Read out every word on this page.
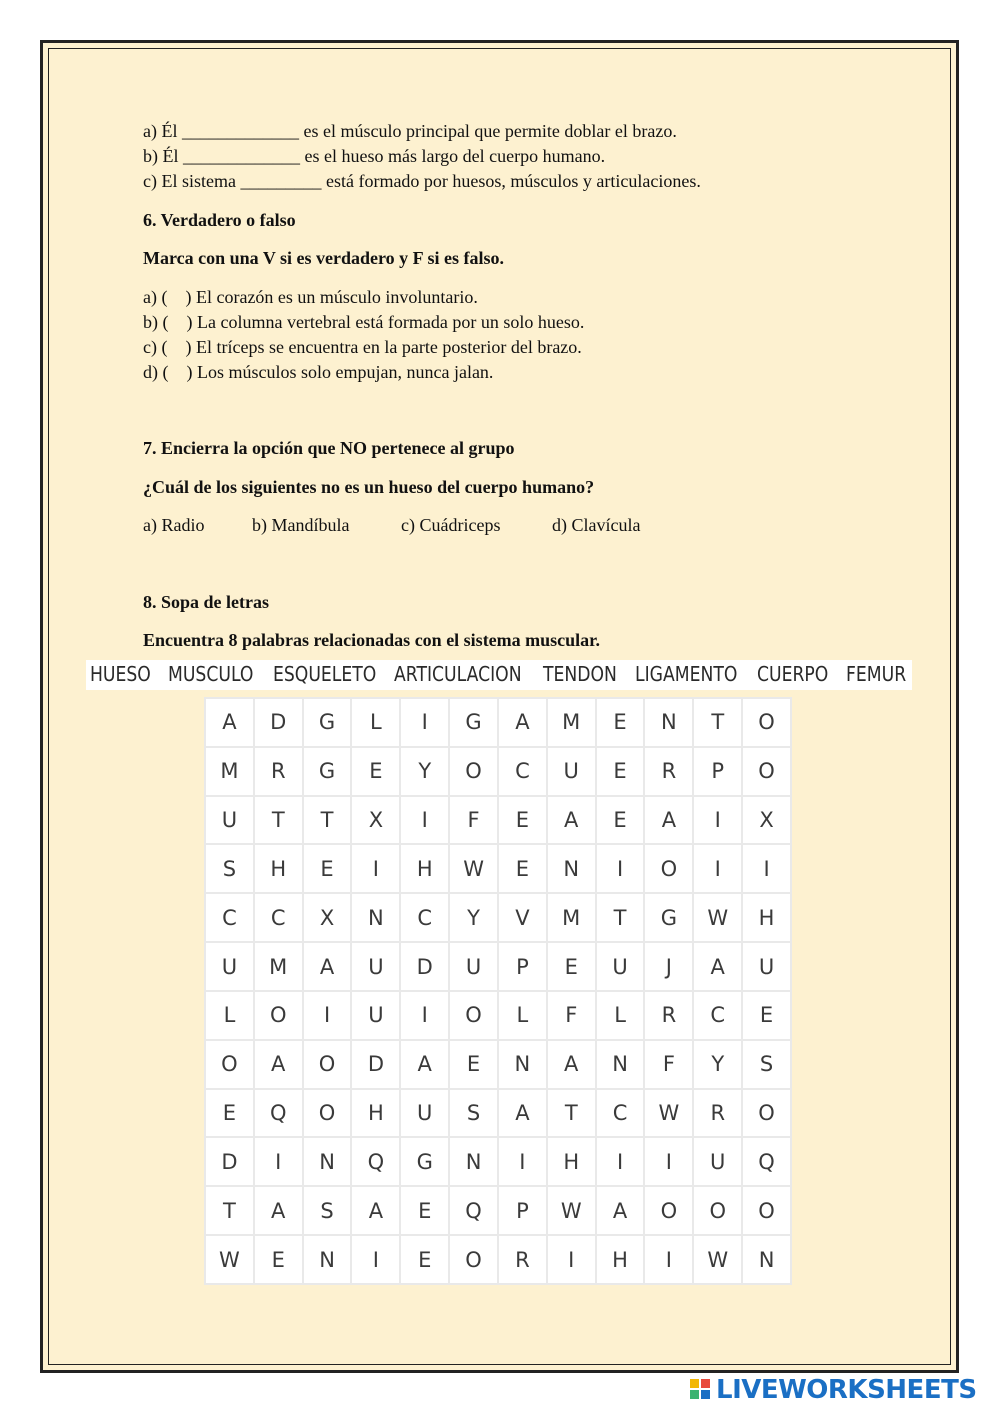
a) Él _____________ es el músculo principal que permite doblar el brazo.
b) Él _____________ es el hueso más largo del cuerpo humano.
c) El sistema _________ está formado por huesos, músculos y articulaciones.
6. Verdadero o falso
Marca con una V si es verdadero y F si es falso.
a) (    ) El corazón es un músculo involuntario.
b) (    ) La columna vertebral está formada por un solo hueso.
c) (    ) El tríceps se encuentra en la parte posterior del brazo.
d) (    ) Los músculos solo empujan, nunca jalan.
7. Encierra la opción que NO pertenece al grupo
¿Cuál de los siguientes no es un hueso del cuerpo humano?
a) Radio	b) Mandíbula	c) Cuádriceps	d) Clavícula
8. Sopa de letras
Encuentra 8 palabras relacionadas con el sistema muscular.
HUESO MUSCULO ESQUELETO ARTICULACION TENDON LIGAMENTO CUERPO FEMUR
A	D	G	L	I	G	A	M	E	N	T	O
M	R	G	E	Y	O	C	U	E	R	P	O
U	T	T	X	I	F	E	A	E	A	I	X
S	H	E	I	H	W	E	N	I	O	I	I
C	C	X	N	C	Y	V	M	T	G	W	H
U	M	A	U	D	U	P	E	U	J	A	U
L	O	I	U	I	O	L	F	L	R	C	E
O	A	O	D	A	E	N	A	N	F	Y	S
E	Q	O	H	U	S	A	T	C	W	R	O
D	I	N	Q	G	N	I	H	I	I	U	Q
T	A	S	A	E	Q	P	W	A	O	O	O
W	E	N	I	E	O	R	I	H	I	W	N
LIVEWORKSHEETS
